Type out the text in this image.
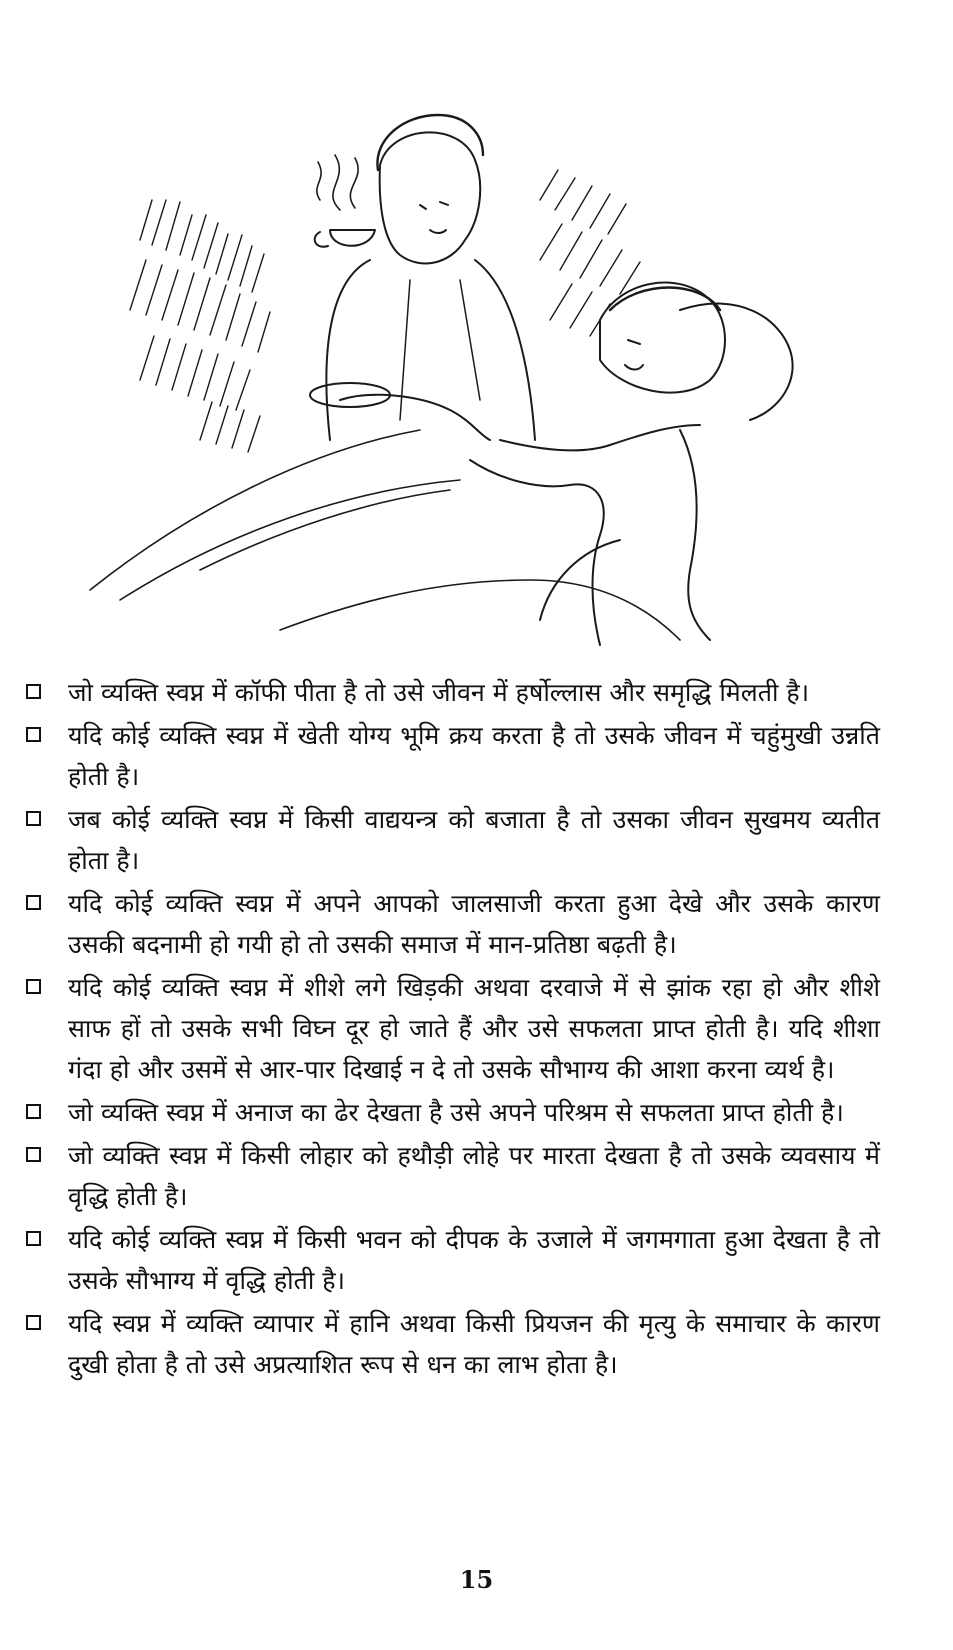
जो व्यक्ति स्वप्न में कॉफी पीता है तो उसे जीवन में हर्षोल्लास और समृद्धि मिलती है।
यदि कोई व्यक्ति स्वप्न में खेती योग्य भूमि क्रय करता है तो उसके जीवन में चहुंमुखी उन्नति होती है।
जब कोई व्यक्ति स्वप्न में किसी वाद्ययन्त्र को बजाता है तो उसका जीवन सुखमय व्यतीत होता है।
यदि कोई व्यक्ति स्वप्न में अपने आपको जालसाजी करता हुआ देखे और उसके कारण उसकी बदनामी हो गयी हो तो उसकी समाज में मान-प्रतिष्ठा बढ़ती है।
यदि कोई व्यक्ति स्वप्न में शीशे लगे खिड़की अथवा दरवाजे में से झांक रहा हो और शीशे साफ हों तो उसके सभी विघ्न दूर हो जाते हैं और उसे सफलता प्राप्त होती है। यदि शीशा गंदा हो और उसमें से आर-पार दिखाई न दे तो उसके सौभाग्य की आशा करना व्यर्थ है।
जो व्यक्ति स्वप्न में अनाज का ढेर देखता है उसे अपने परिश्रम से सफलता प्राप्त होती है।
जो व्यक्ति स्वप्न में किसी लोहार को हथौड़ी लोहे पर मारता देखता है तो उसके व्यवसाय में वृद्धि होती है।
यदि कोई व्यक्ति स्वप्न में किसी भवन को दीपक के उजाले में जगमगाता हुआ देखता है तो उसके सौभाग्य में वृद्धि होती है।
यदि स्वप्न में व्यक्ति व्यापार में हानि अथवा किसी प्रियजन की मृत्यु के समाचार के कारण दुखी होता है तो उसे अप्रत्याशित रूप से धन का लाभ होता है।
15
